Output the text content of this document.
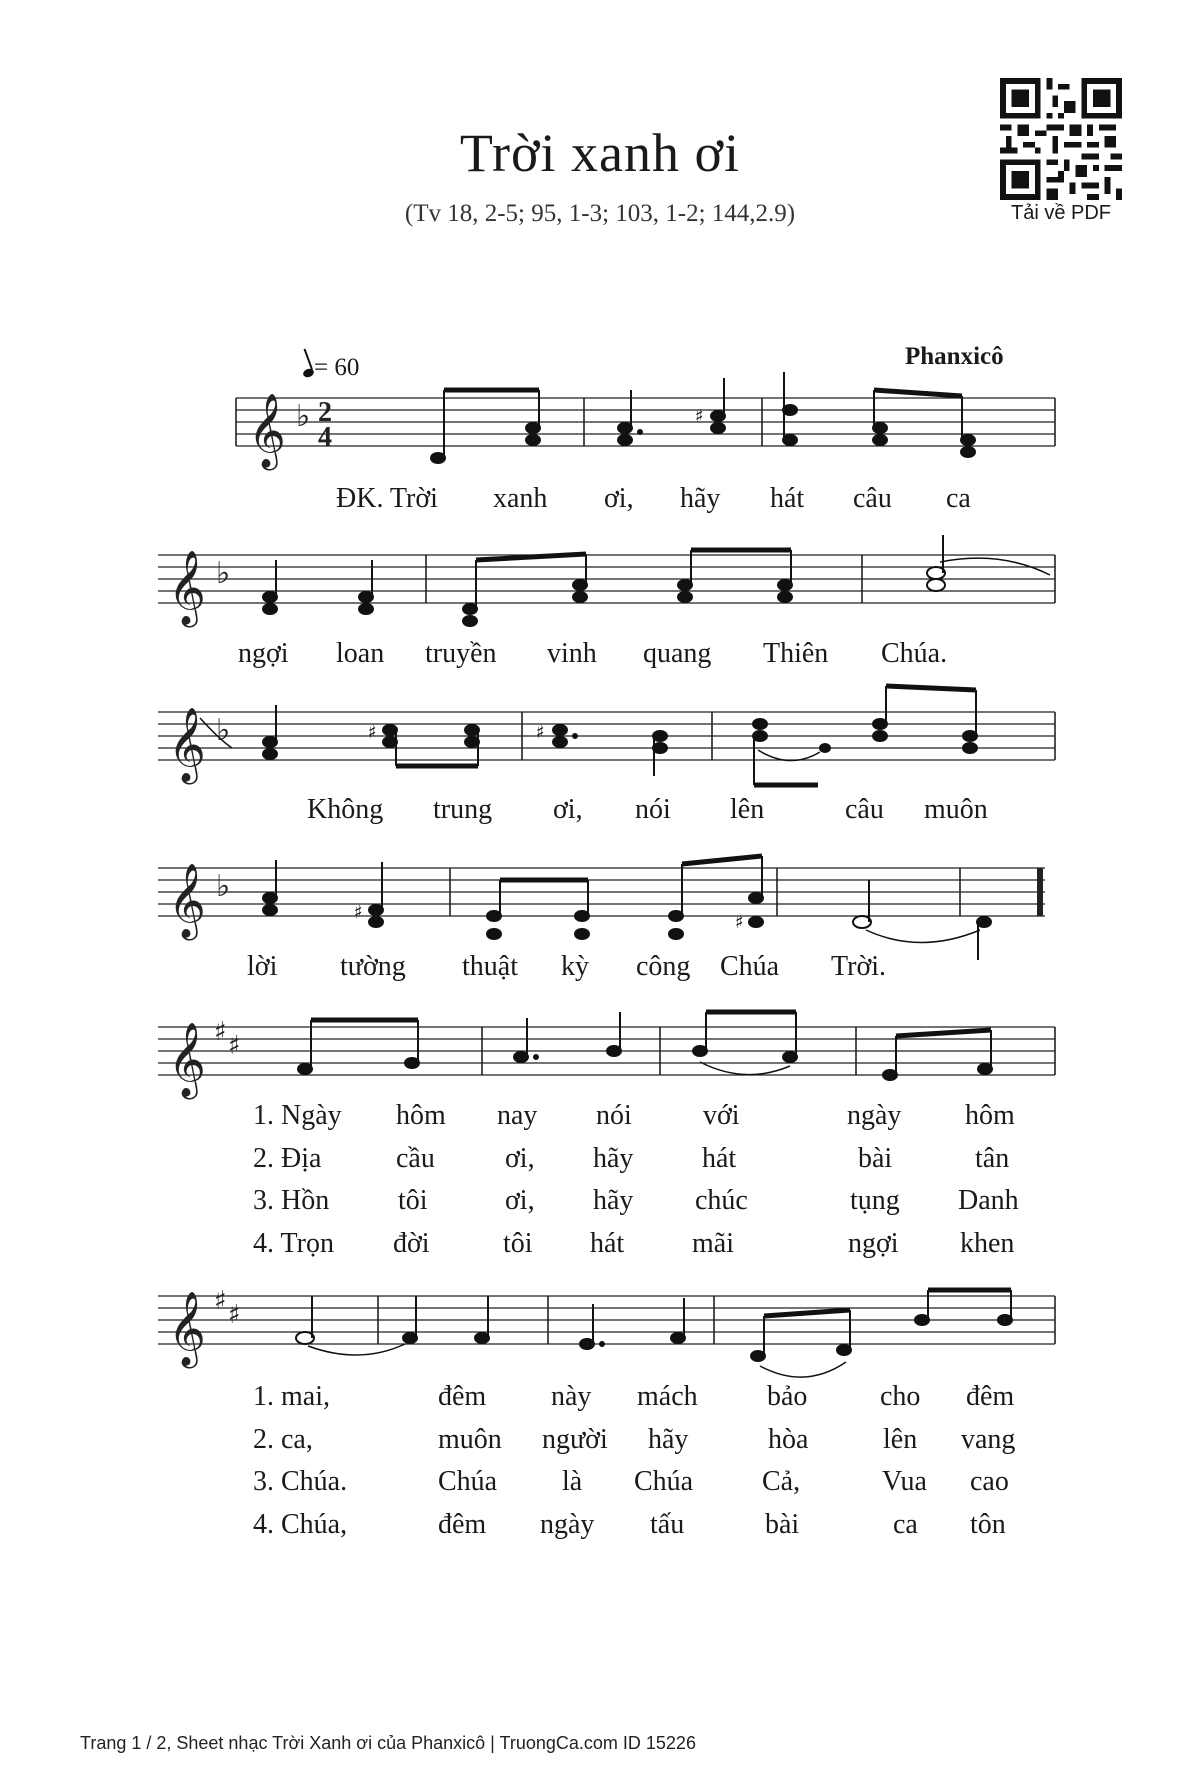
Trời xanh ơi
(Tv 18, 2-5; 95, 1-3; 103, 1-2; 144,2.9)	Tải về PDF
Phanxicô
= 60
𝄞
𝄞
𝄞
𝄞
𝄞
𝄞
♭
♭
♭
♭
♯ ♯
♯ ♯
2
4
♯
♯	♯
♯	♯
ĐK. Trời xanh ơi, hãy hát câu ca
ngợi loan truyền vinh quang Thiên Chúa.
Không trung ơi, nói lên	câu muôn
lời tường thuật kỳ công Chúa Trời.
1. Ngày hôm nay nói	với	ngày hôm
2. Địa	cầu	ơi, hãy hát	bài	tân
3. Hồn tôi	ơi, hãy chúc	tụng Danh
4. Trọn đời	tôi hát mãi	ngợi khen
1. mai,	đêm này mách bảo	cho đêm
2. ca,	muôn người hãy	hòa	lên vang
3. Chúa.	Chúa là Chúa Cả,	Vua cao
4. Chúa,	đêm ngày tấu	bài	ca tôn
Trang 1 / 2, Sheet nhạc Trời Xanh ơi của Phanxicô | TruongCa.com ID 15226
